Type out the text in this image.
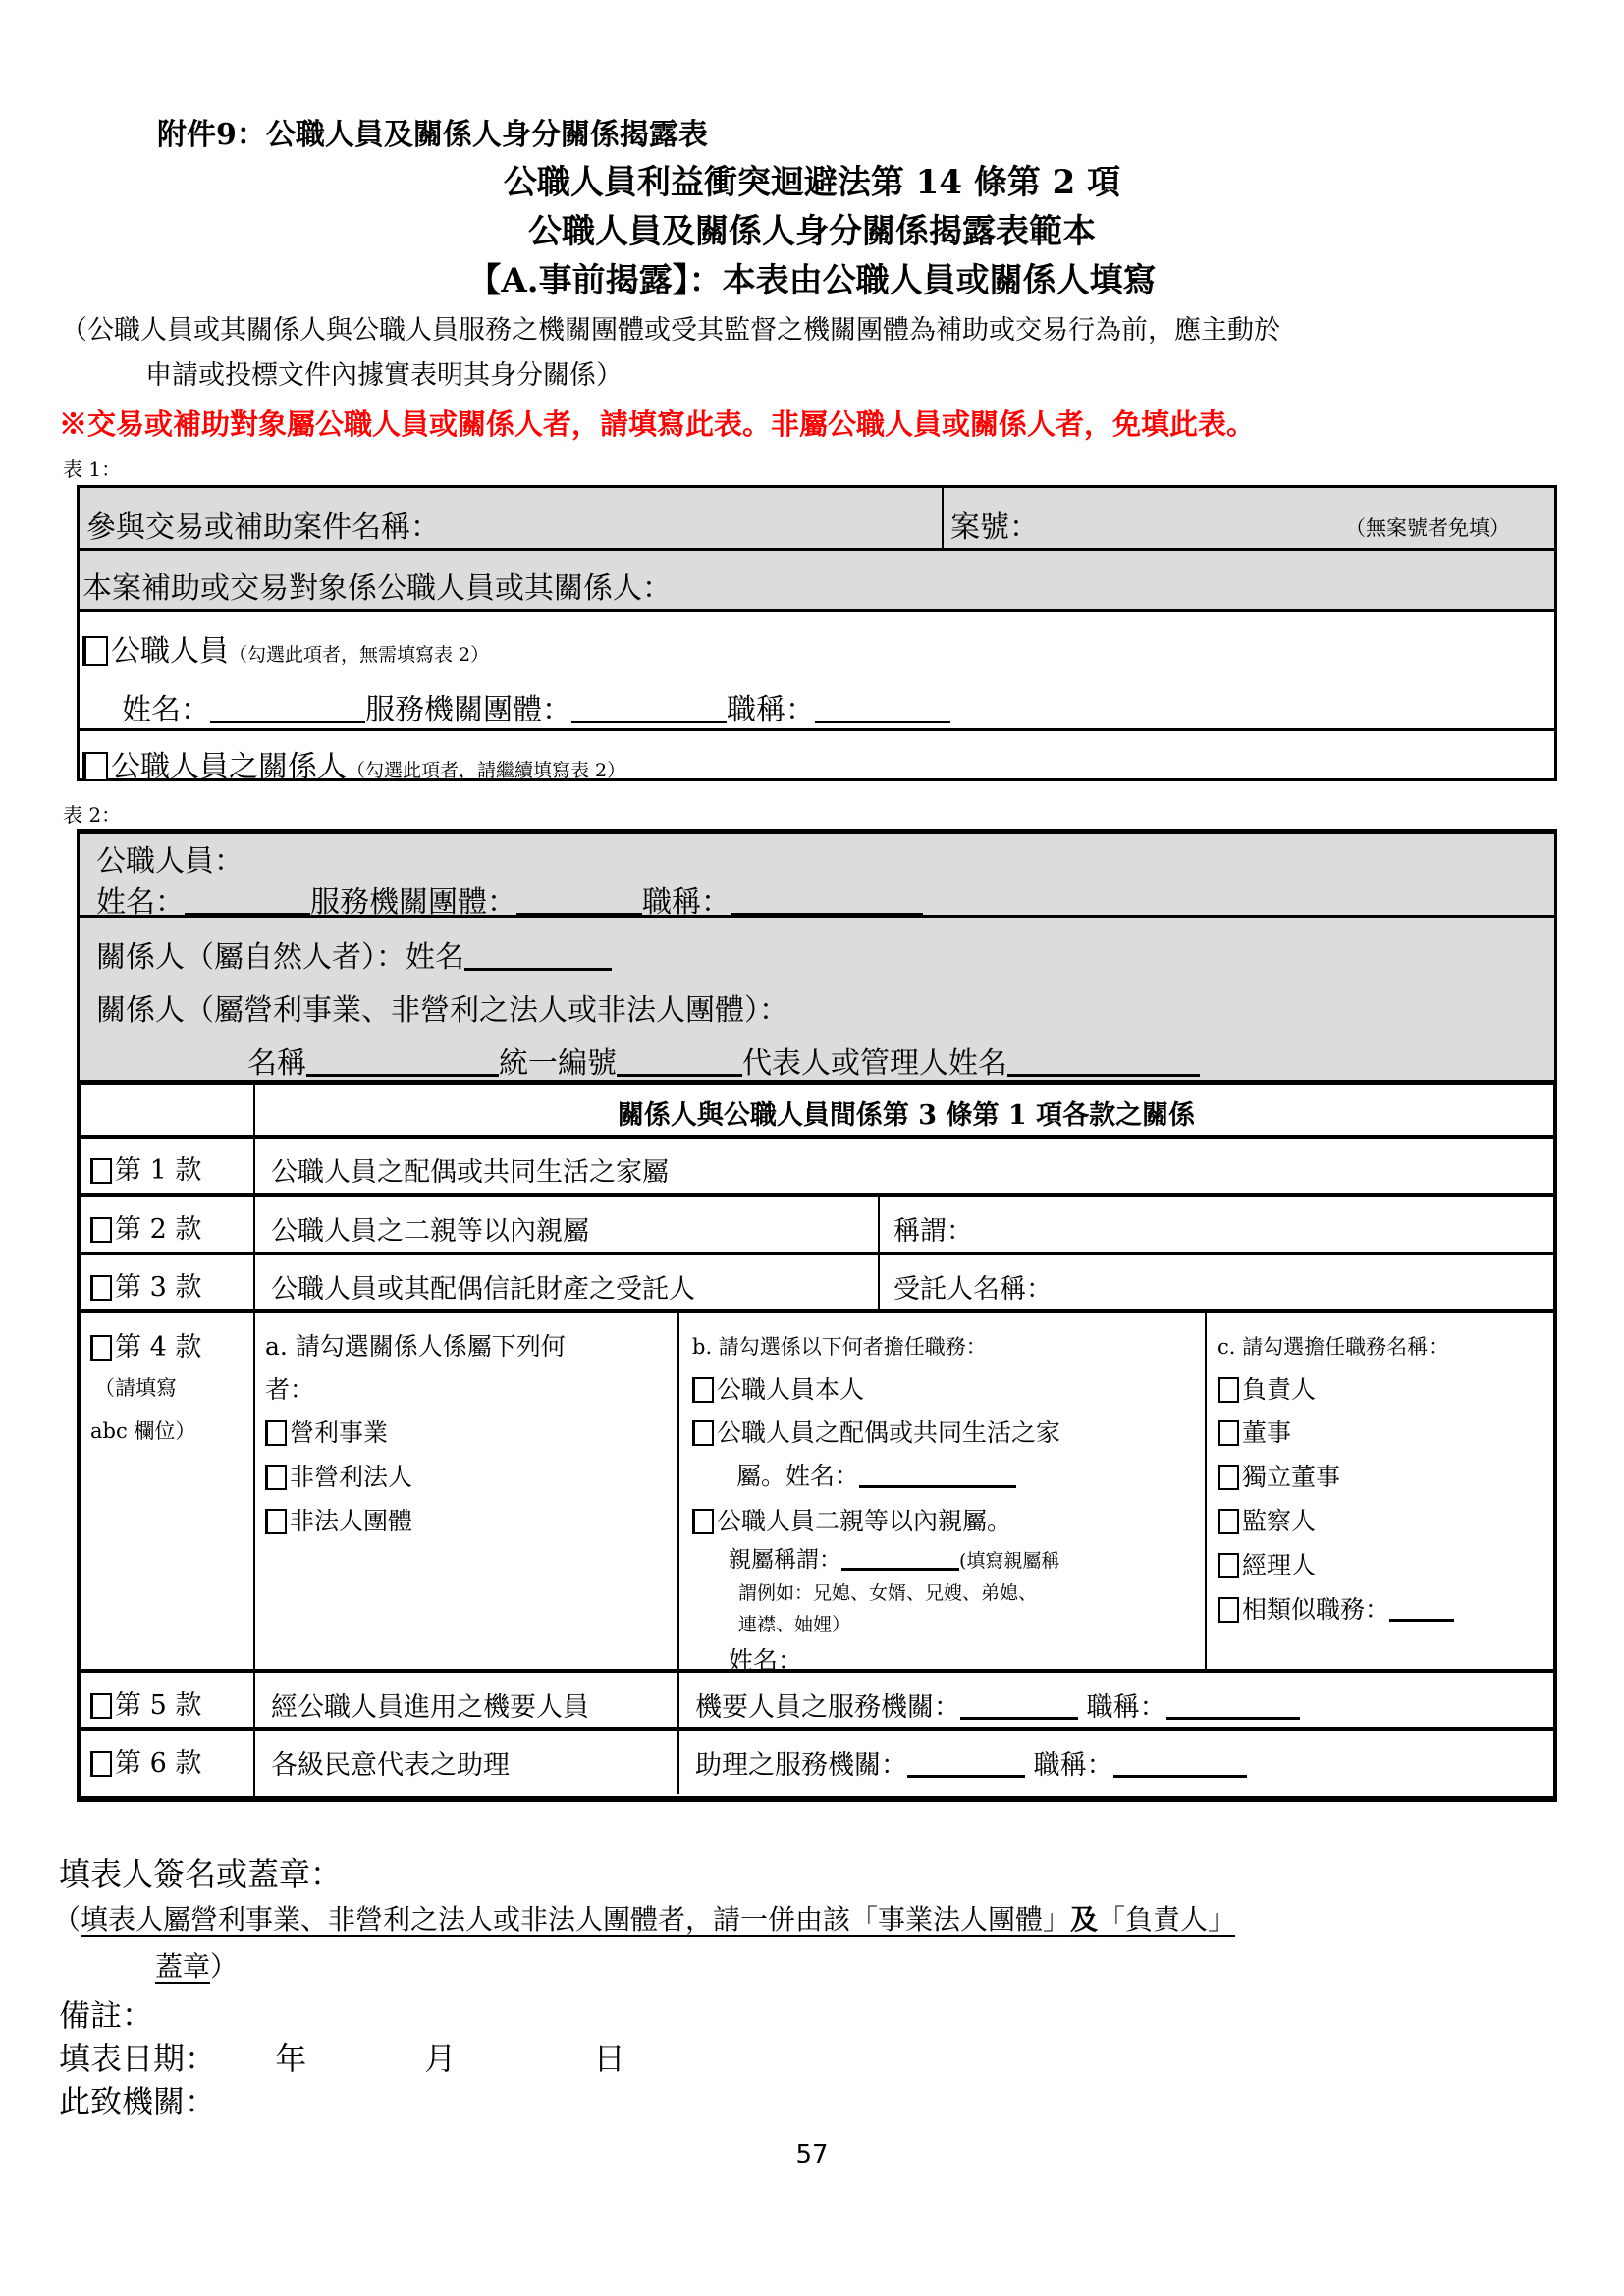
附件9：公職人員及關係人身分關係揭露表
公職人員利益衝突迴避法第 14 條第 2 項
公職人員及關係人身分關係揭露表範本
【A.事前揭露】：本表由公職人員或關係人填寫
（公職人員或其關係人與公職人員服務之機關團體或受其監督之機關團體為補助或交易行為前，應主動於
申請或投標文件內據實表明其身分關係）
※交易或補助對象屬公職人員或關係人者，請填寫此表。非屬公職人員或關係人者，免填此表。
表 1：
參與交易或補助案件名稱：	案號：	（無案號者免填）
本案補助或交易對象係公職人員或其關係人：
公職人員（勾選此項者，無需填寫表 2）
姓名：	服務機關團體：	職稱：
公職人員之關係人（勾選此項者，請繼續填寫表 2）
表 2：
公職人員：
姓名：	服務機關團體：	職稱：
關係人（屬自然人者）：姓名
關係人（屬營利事業、非營利之法人或非法人團體）：
名稱	統一編號	代表人或管理人姓名
關係人與公職人員間係第 3 條第 1 項各款之關係
第 1 款	公職人員之配偶或共同生活之家屬
第 2 款	公職人員之二親等以內親屬	稱謂：
第 3 款	公職人員或其配偶信託財產之受託人	受託人名稱：
第 4 款
（請填寫
abc 欄位）
a. 請勾選關係人係屬下列何
者：
營利事業
非營利法人
非法人團體
b. 請勾選係以下何者擔任職務：
公職人員本人
公職人員之配偶或共同生活之家
屬。姓名：
公職人員二親等以內親屬。
親屬稱謂：	(填寫親屬稱
謂例如：兄媳、女婿、兄嫂、弟媳、
連襟、妯娌）
姓名：
c. 請勾選擔任職務名稱：
負責人
董事
獨立董事
監察人
經理人
相類似職務：
第 5 款	經公職人員進用之機要人員	機要人員之服務機關：	職稱：
第 6 款	各級民意代表之助理	助理之服務機關：	職稱：
填表人簽名或蓋章：
（填表人屬營利事業、非營利之法人或非法人團體者，請一併由該「事業法人團體」及「負責人」
蓋章）
備註：
填表日期： 年	月	日
此致機關：
57
